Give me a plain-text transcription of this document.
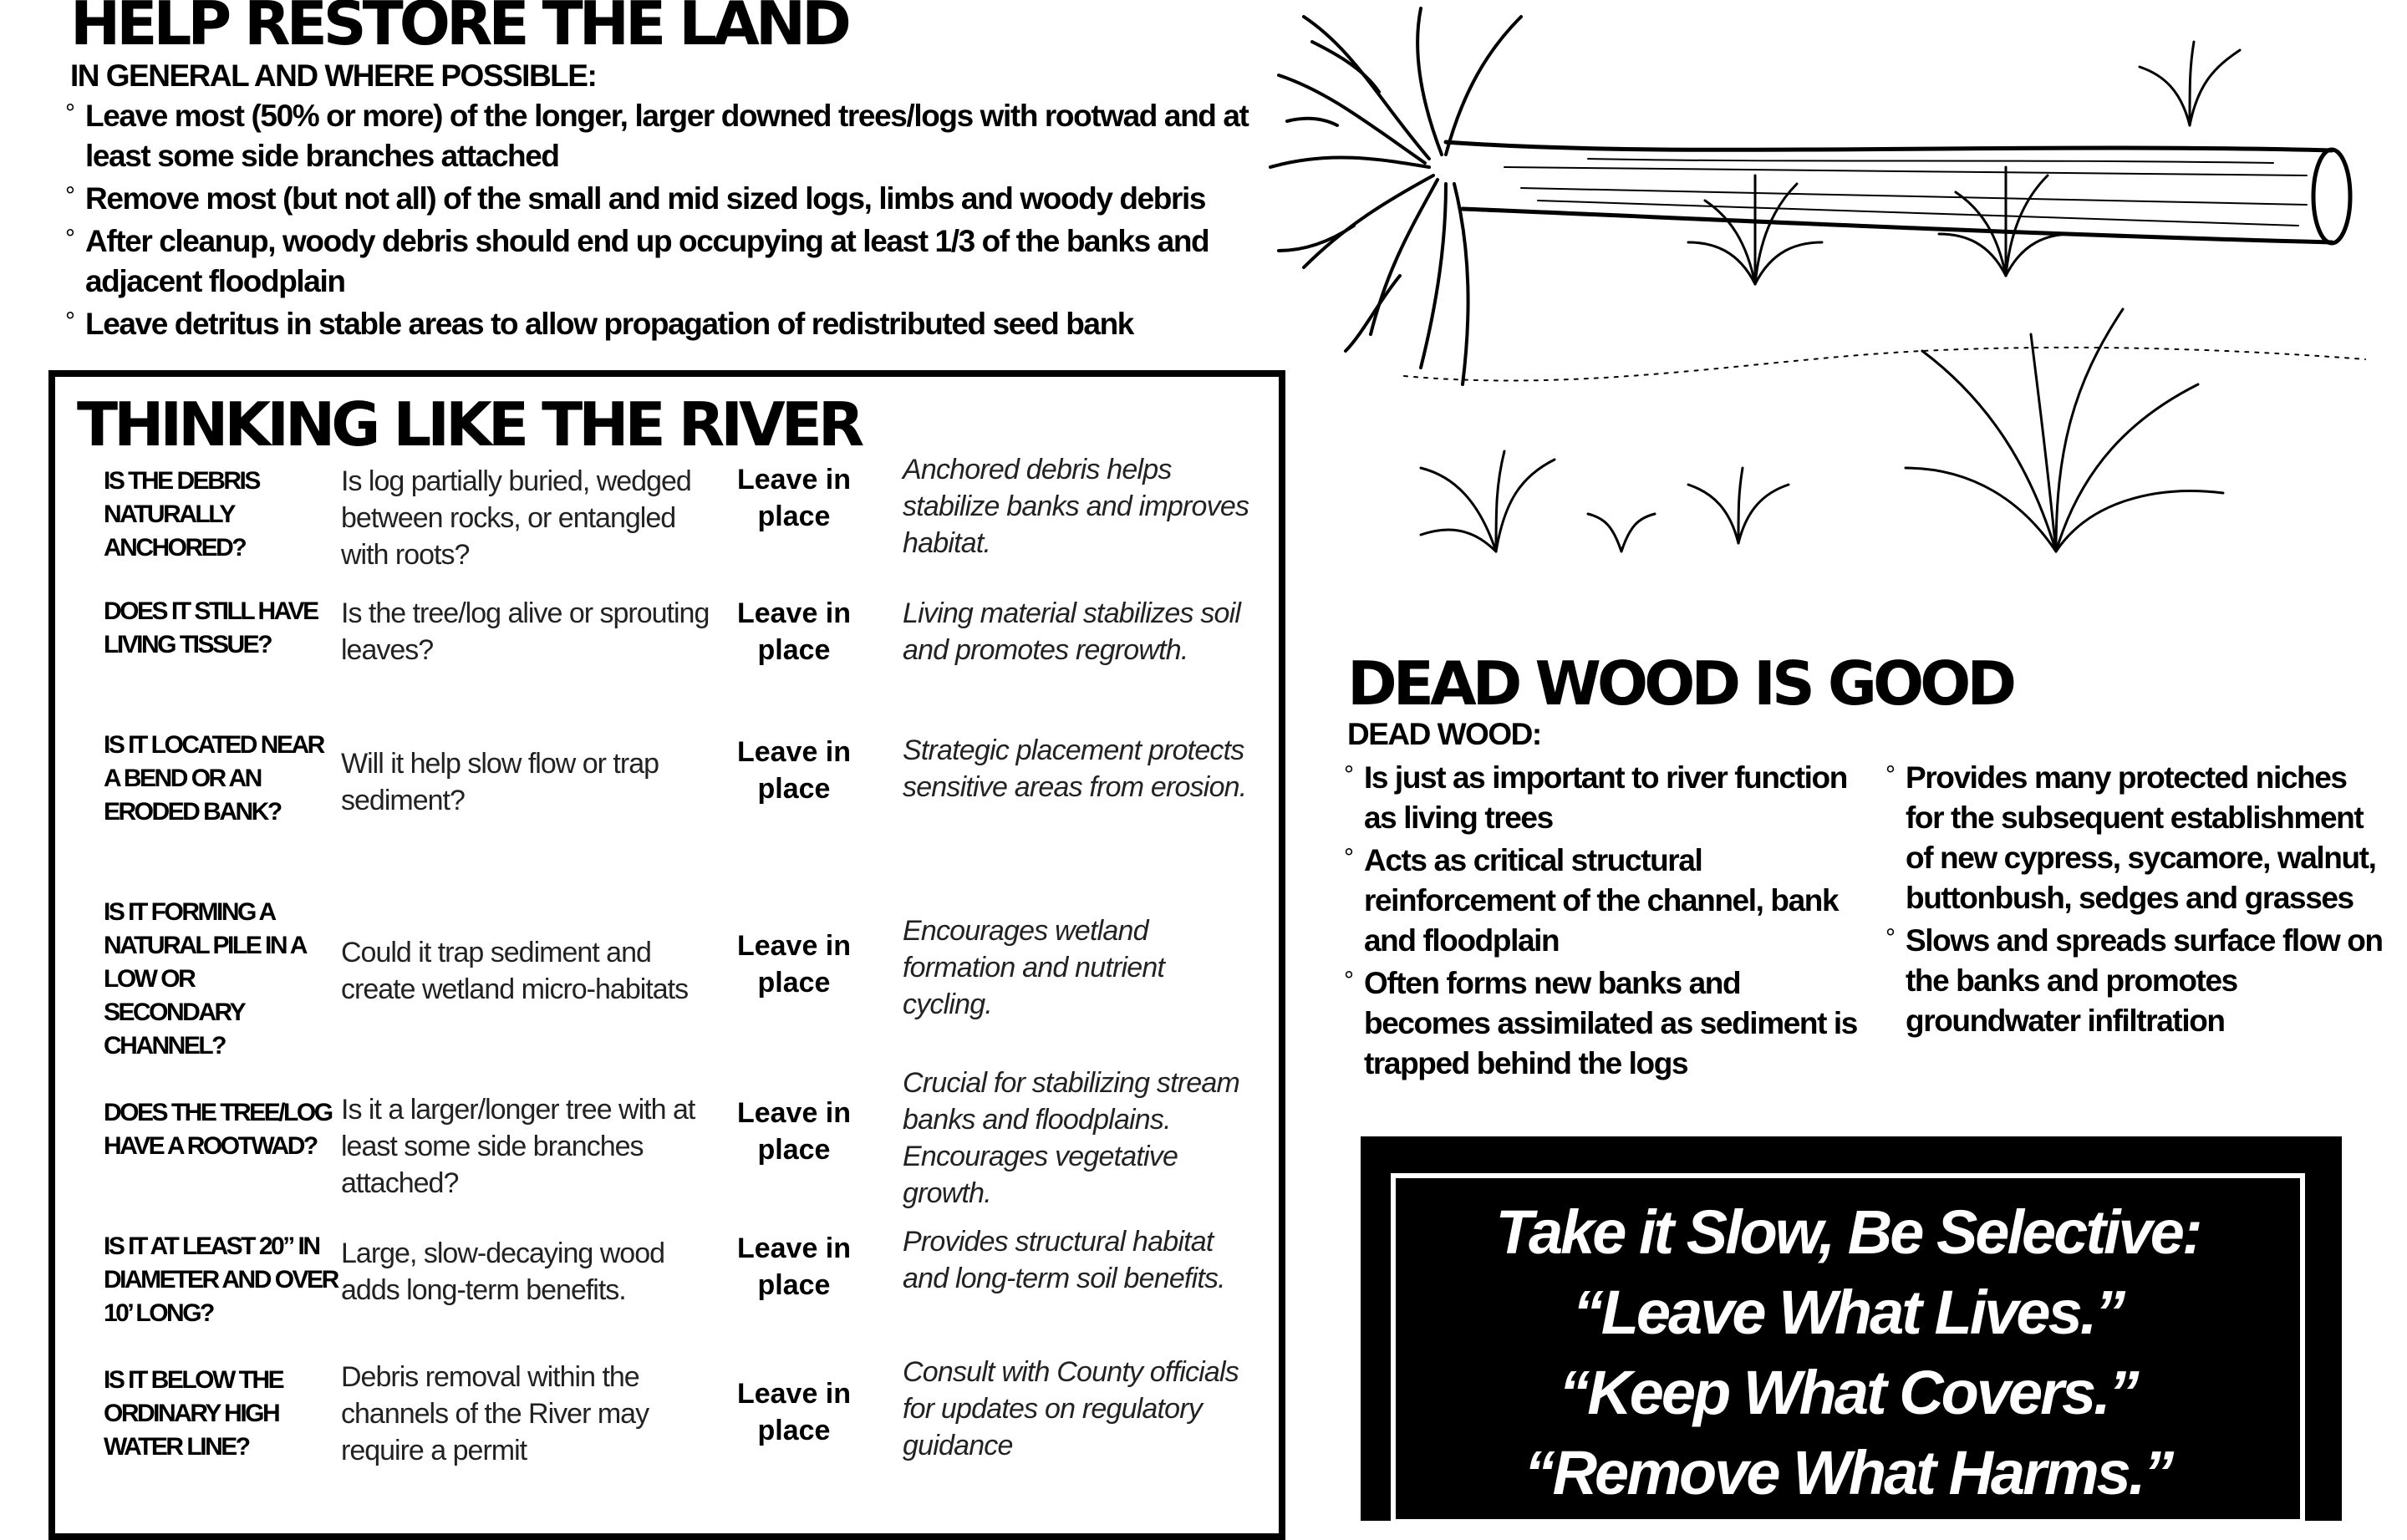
HELP RESTORE THE LAND
IN GENERAL AND WHERE POSSIBLE:
° Leave most (50% or more) of the longer, larger downed trees/logs with rootwad and at least some side branches attached
° Remove most (but not all) of the small and mid sized logs, limbs and woody debris
° After cleanup, woody debris should end up occupying at least 1/3 of the banks and adjacent floodplain
° Leave detritus in stable areas to allow propagation of redistributed seed bank
THINKING LIKE THE RIVER
IS THE DEBRIS NATURALLY ANCHORED?
Is log partially buried, wedged between rocks, or entangled with roots?
Leave in place
Anchored debris helps stabilize banks and improves habitat.
DOES IT STILL HAVE LIVING TISSUE?
Is the tree/log alive or sprouting leaves?
Leave in place
Living material stabilizes soil and promotes regrowth.
IS IT LOCATED NEAR A BEND OR AN ERODED BANK?
Will it help slow flow or trap sediment?
Leave in place
Strategic placement protects sensitive areas from erosion.
IS IT FORMING A NATURAL PILE IN A LOW OR SECONDARY CHANNEL?
Could it trap sediment and create wetland micro-habitats
Leave in place
Encourages wetland formation and nutrient cycling.
DOES THE TREE/LOG HAVE A ROOTWAD?
Is it a larger/longer tree with at least some side branches attached?
Leave in place
Crucial for stabilizing stream banks and floodplains. Encourages vegetative growth.
IS IT AT LEAST 20” IN DIAMETER AND OVER 10’ LONG?
Large, slow-decaying wood adds long-term benefits.
Leave in place
Provides structural habitat and long-term soil benefits.
IS IT BELOW THE ORDINARY HIGH WATER LINE?
Debris removal within the channels of the River may require a permit
Leave in place
Consult with County officials for updates on regulatory guidance
DEAD WOOD IS GOOD
DEAD WOOD:
° Is just as important to river function as living trees
° Acts as critical structural reinforcement of the channel, bank and floodplain
° Often forms new banks and becomes assimilated as sediment is trapped behind the logs
° Provides many protected niches for the subsequent establishment of new cypress, sycamore, walnut, buttonbush, sedges and grasses
° Slows and spreads surface flow on the banks and promotes groundwater infiltration
Take it Slow, Be Selective:
“Leave What Lives.”
“Keep What Covers.”
“Remove What Harms.”
